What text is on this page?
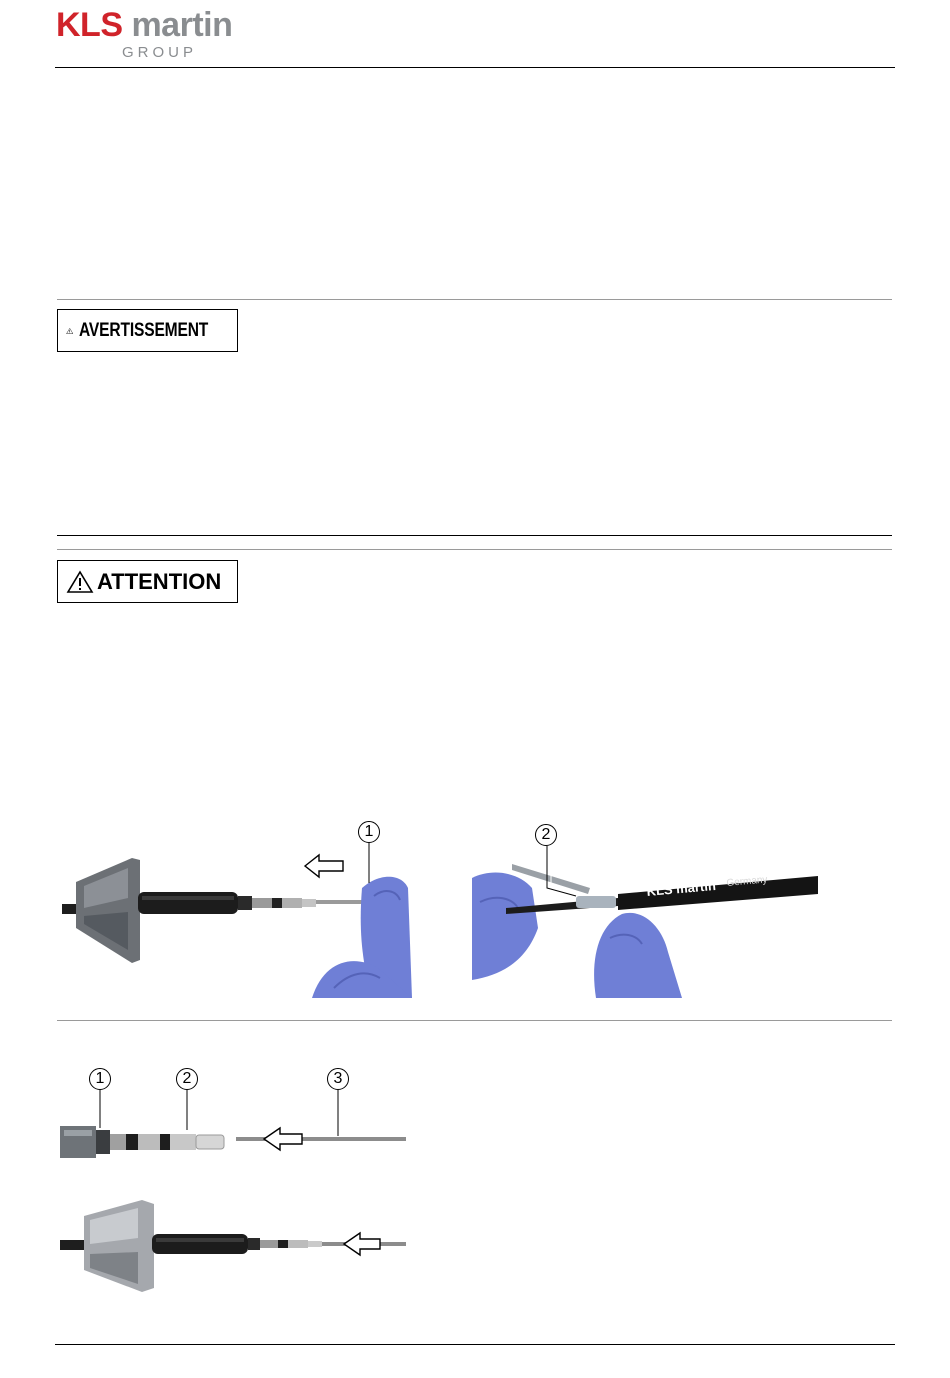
KLS martin
GROUP
AVERTISSEMENT
ATTENTION
1
KLS martin Germany
2
1	2	3
